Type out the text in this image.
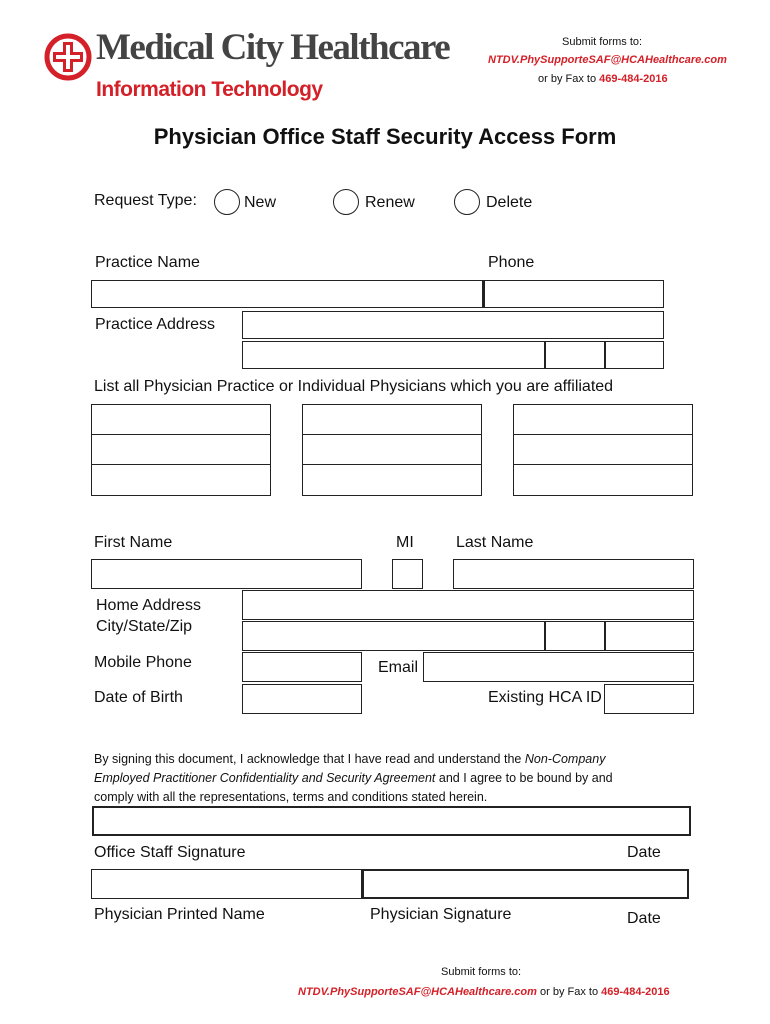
Medical City Healthcare
Information Technology
Submit forms to:
NTDV.PhySupporteSAF@HCAHealthcare.com
or by Fax to 469-484-2016
Physician Office Staff Security Access Form
Request Type:	New	Renew	Delete
Practice Name	Phone
Practice Address
List all Physician Practice or Individual Physicians which you are affiliated
First Name	MI	Last Name
Home Address
City/State/Zip
Mobile Phone	Email
Date of Birth	Existing HCA ID
By signing this document, I acknowledge that I have read and understand the Non-Company
Employed Practitioner Confidentiality and Security Agreement and I agree to be bound by and
comply with all the representations, terms and conditions stated herein.
Office Staff Signature	Date
Physician Printed Name	Physician Signature	Date
Submit forms to:
NTDV.PhySupporteSAF@HCAHealthcare.com or by Fax to 469-484-2016
